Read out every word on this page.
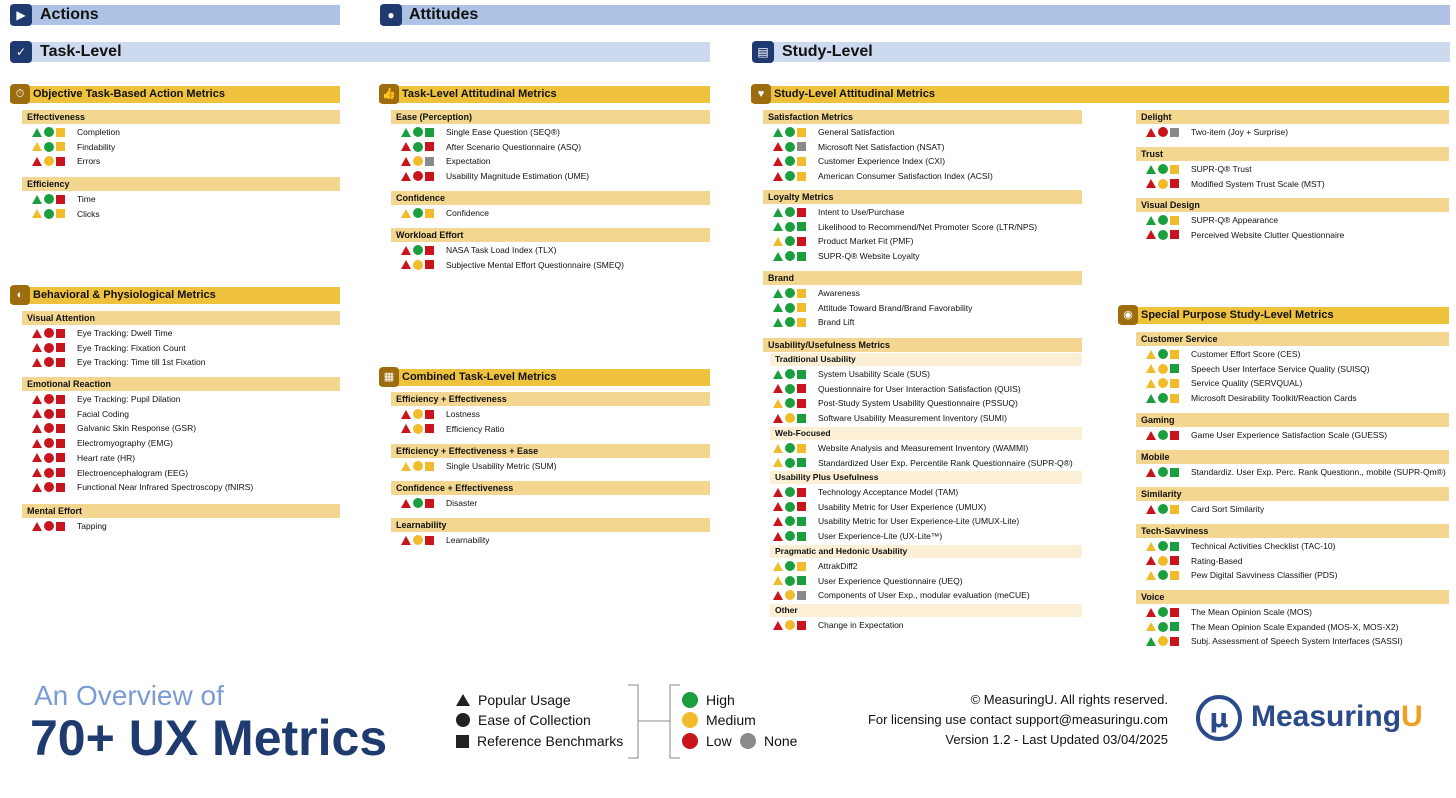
▶ Actions	● Attitudes
✓ Task-Level	▤ Study-Level
⏱ Objective Task-Based Action Metrics
◐ Behavioral & Physiological Metrics
👍 Task-Level Attitudinal Metrics
▦ Combined Task-Level Metrics
♥ Study-Level Attitudinal Metrics
◉ Special Purpose Study-Level Metrics
Effectiveness
Completion
Findability
Errors
Efficiency
Time
Clicks
Visual Attention
Eye Tracking: Dwell Time
Eye Tracking: Fixation Count
Eye Tracking: Time till 1st Fixation
Emotional Reaction
Eye Tracking: Pupil Dilation
Facial Coding
Galvanic Skin Response (GSR)
Electromyography (EMG)
Heart rate (HR)
Electroencephalogram (EEG)
Functional Near Infrared Spectroscopy (fNIRS)
Mental Effort
Tapping
Ease (Perception)
Single Ease Question (SEQ®)
After Scenario Questionnaire (ASQ)
Expectation
Usability Magnitude Estimation (UME)
Confidence
Confidence
Workload Effort
NASA Task Load Index (TLX)
Subjective Mental Effort Questionnaire (SMEQ)
Efficiency + Effectiveness
Lostness
Efficiency Ratio
Efficiency + Effectiveness + Ease
Single Usability Metric (SUM)
Confidence + Effectiveness
Disaster
Learnability
Learnability
Satisfaction Metrics
General Satisfaction
Microsoft Net Satisfaction (NSAT)
Customer Experience Index (CXI)
American Consumer Satisfaction Index (ACSI)
Loyalty Metrics
Intent to Use/Purchase
Likelihood to Recommend/Net Promoter Score (LTR/NPS)
Product Market Fit (PMF)
SUPR-Q® Website Loyalty
Brand
Awareness
Attitude Toward Brand/Brand Favorability
Brand Lift
Usability/Usefulness Metrics
Traditional Usability
System Usability Scale (SUS)
Questionnaire for User Interaction Satisfaction (QUIS)
Post-Study System Usability Questionnaire (PSSUQ)
Software Usability Measurement Inventory (SUMI)
Web-Focused
Website Analysis and Measurement Inventory (WAMMI)
Standardized User Exp. Percentile Rank Questionnaire (SUPR-Q®)
Usability Plus Usefulness
Technology Acceptance Model (TAM)
Usability Metric for User Experience (UMUX)
Usability Metric for User Experience-Lite (UMUX-Lite)
User Experience-Lite (UX-Lite™)
Pragmatic and Hedonic Usability
AttrakDiff2
User Experience Questionnaire (UEQ)
Components of User Exp., modular evaluation (meCUE)
Other
Change in Expectation
Delight
Two-item (Joy + Surprise)
Trust
SUPR-Q® Trust
Modified System Trust Scale (MST)
Visual Design
SUPR-Q® Appearance
Perceived Website Clutter Questionnaire
Customer Service
Customer Effort Score (CES)
Speech User Interface Service Quality (SUISQ)
Service Quality (SERVQUAL)
Microsoft Desirability Toolkit/Reaction Cards
Gaming
Game User Experience Satisfaction Scale (GUESS)
Mobile
Standardiz. User Exp. Perc. Rank Questionn., mobile (SUPR-Qm®)
Similarity
Card Sort Similarity
Tech-Savviness
Technical Activities Checklist (TAC-10)
Rating-Based
Pew Digital Savviness Classifier (PDS)
Voice
The Mean Opinion Scale (MOS)
The Mean Opinion Scale Expanded (MOS-X, MOS-X2)
Subj. Assessment of Speech System Interfaces (SASSI)
An Overview of
70+ UX Metrics
Popular Usage
Ease of Collection
Reference Benchmarks
High
Medium
Low None
© MeasuringU. All rights reserved.
For licensing use contact support@measuringu.com
Version 1.2 - Last Updated 03/04/2025
μ Measuring U
